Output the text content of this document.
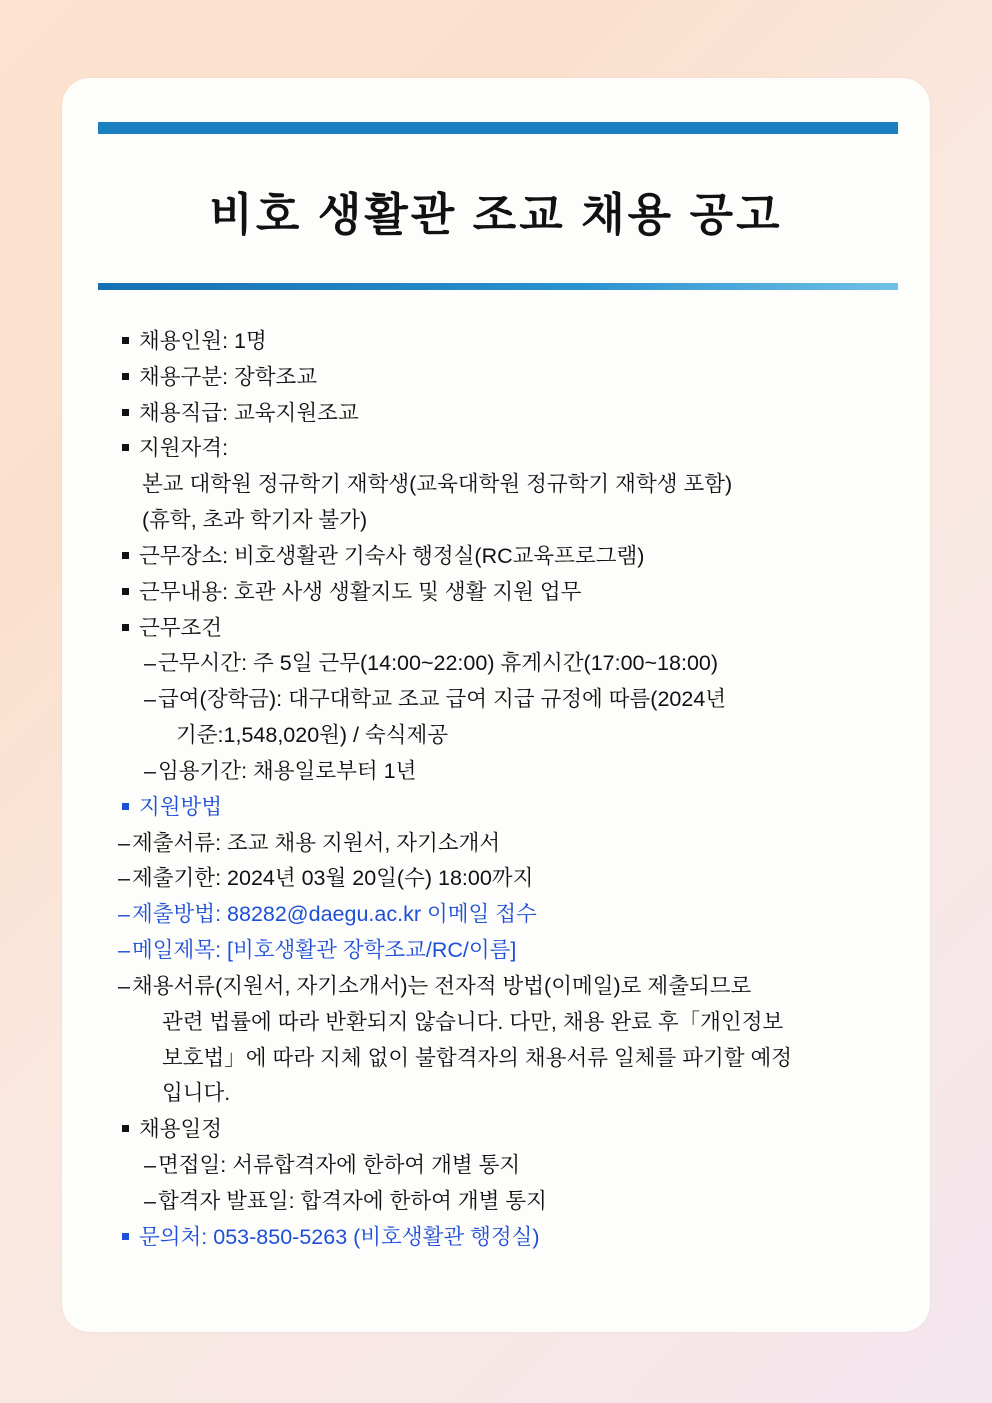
비호 생활관 조교 채용 공고
채용인원: 1명
채용구분: 장학조교
채용직급: 교육지원조교
지원자격:
본교 대학원 정규학기 재학생(교육대학원 정규학기 재학생 포함)
(휴학, 초과 학기자 불가)
근무장소: 비호생활관 기숙사 행정실(RC교육프로그램)
근무내용: 호관 사생 생활지도 및 생활 지원 업무
근무조건
– 근무시간: 주 5일 근무(14:00~22:00) 휴게시간(17:00~18:00)
– 급여(장학금): 대구대학교 조교 급여 지급 규정에 따름(2024년
기준:1,548,020원) / 숙식제공
– 임용기간: 채용일로부터 1년
지원방법
– 제출서류: 조교 채용 지원서, 자기소개서
– 제출기한: 2024년 03월 20일(수) 18:00까지
– 제출방법: 88282@daegu.ac.kr 이메일 접수
– 메일제목: [비호생활관 장학조교/RC/이름]
– 채용서류(지원서, 자기소개서)는 전자적 방법(이메일)로 제출되므로
관련 법률에 따라 반환되지 않습니다. 다만, 채용 완료 후「개인정보
보호법」에 따라 지체 없이 불합격자의 채용서류 일체를 파기할 예정
입니다.
채용일정
– 면접일: 서류합격자에 한하여 개별 통지
– 합격자 발표일: 합격자에 한하여 개별 통지
문의처: 053-850-5263 (비호생활관 행정실)
